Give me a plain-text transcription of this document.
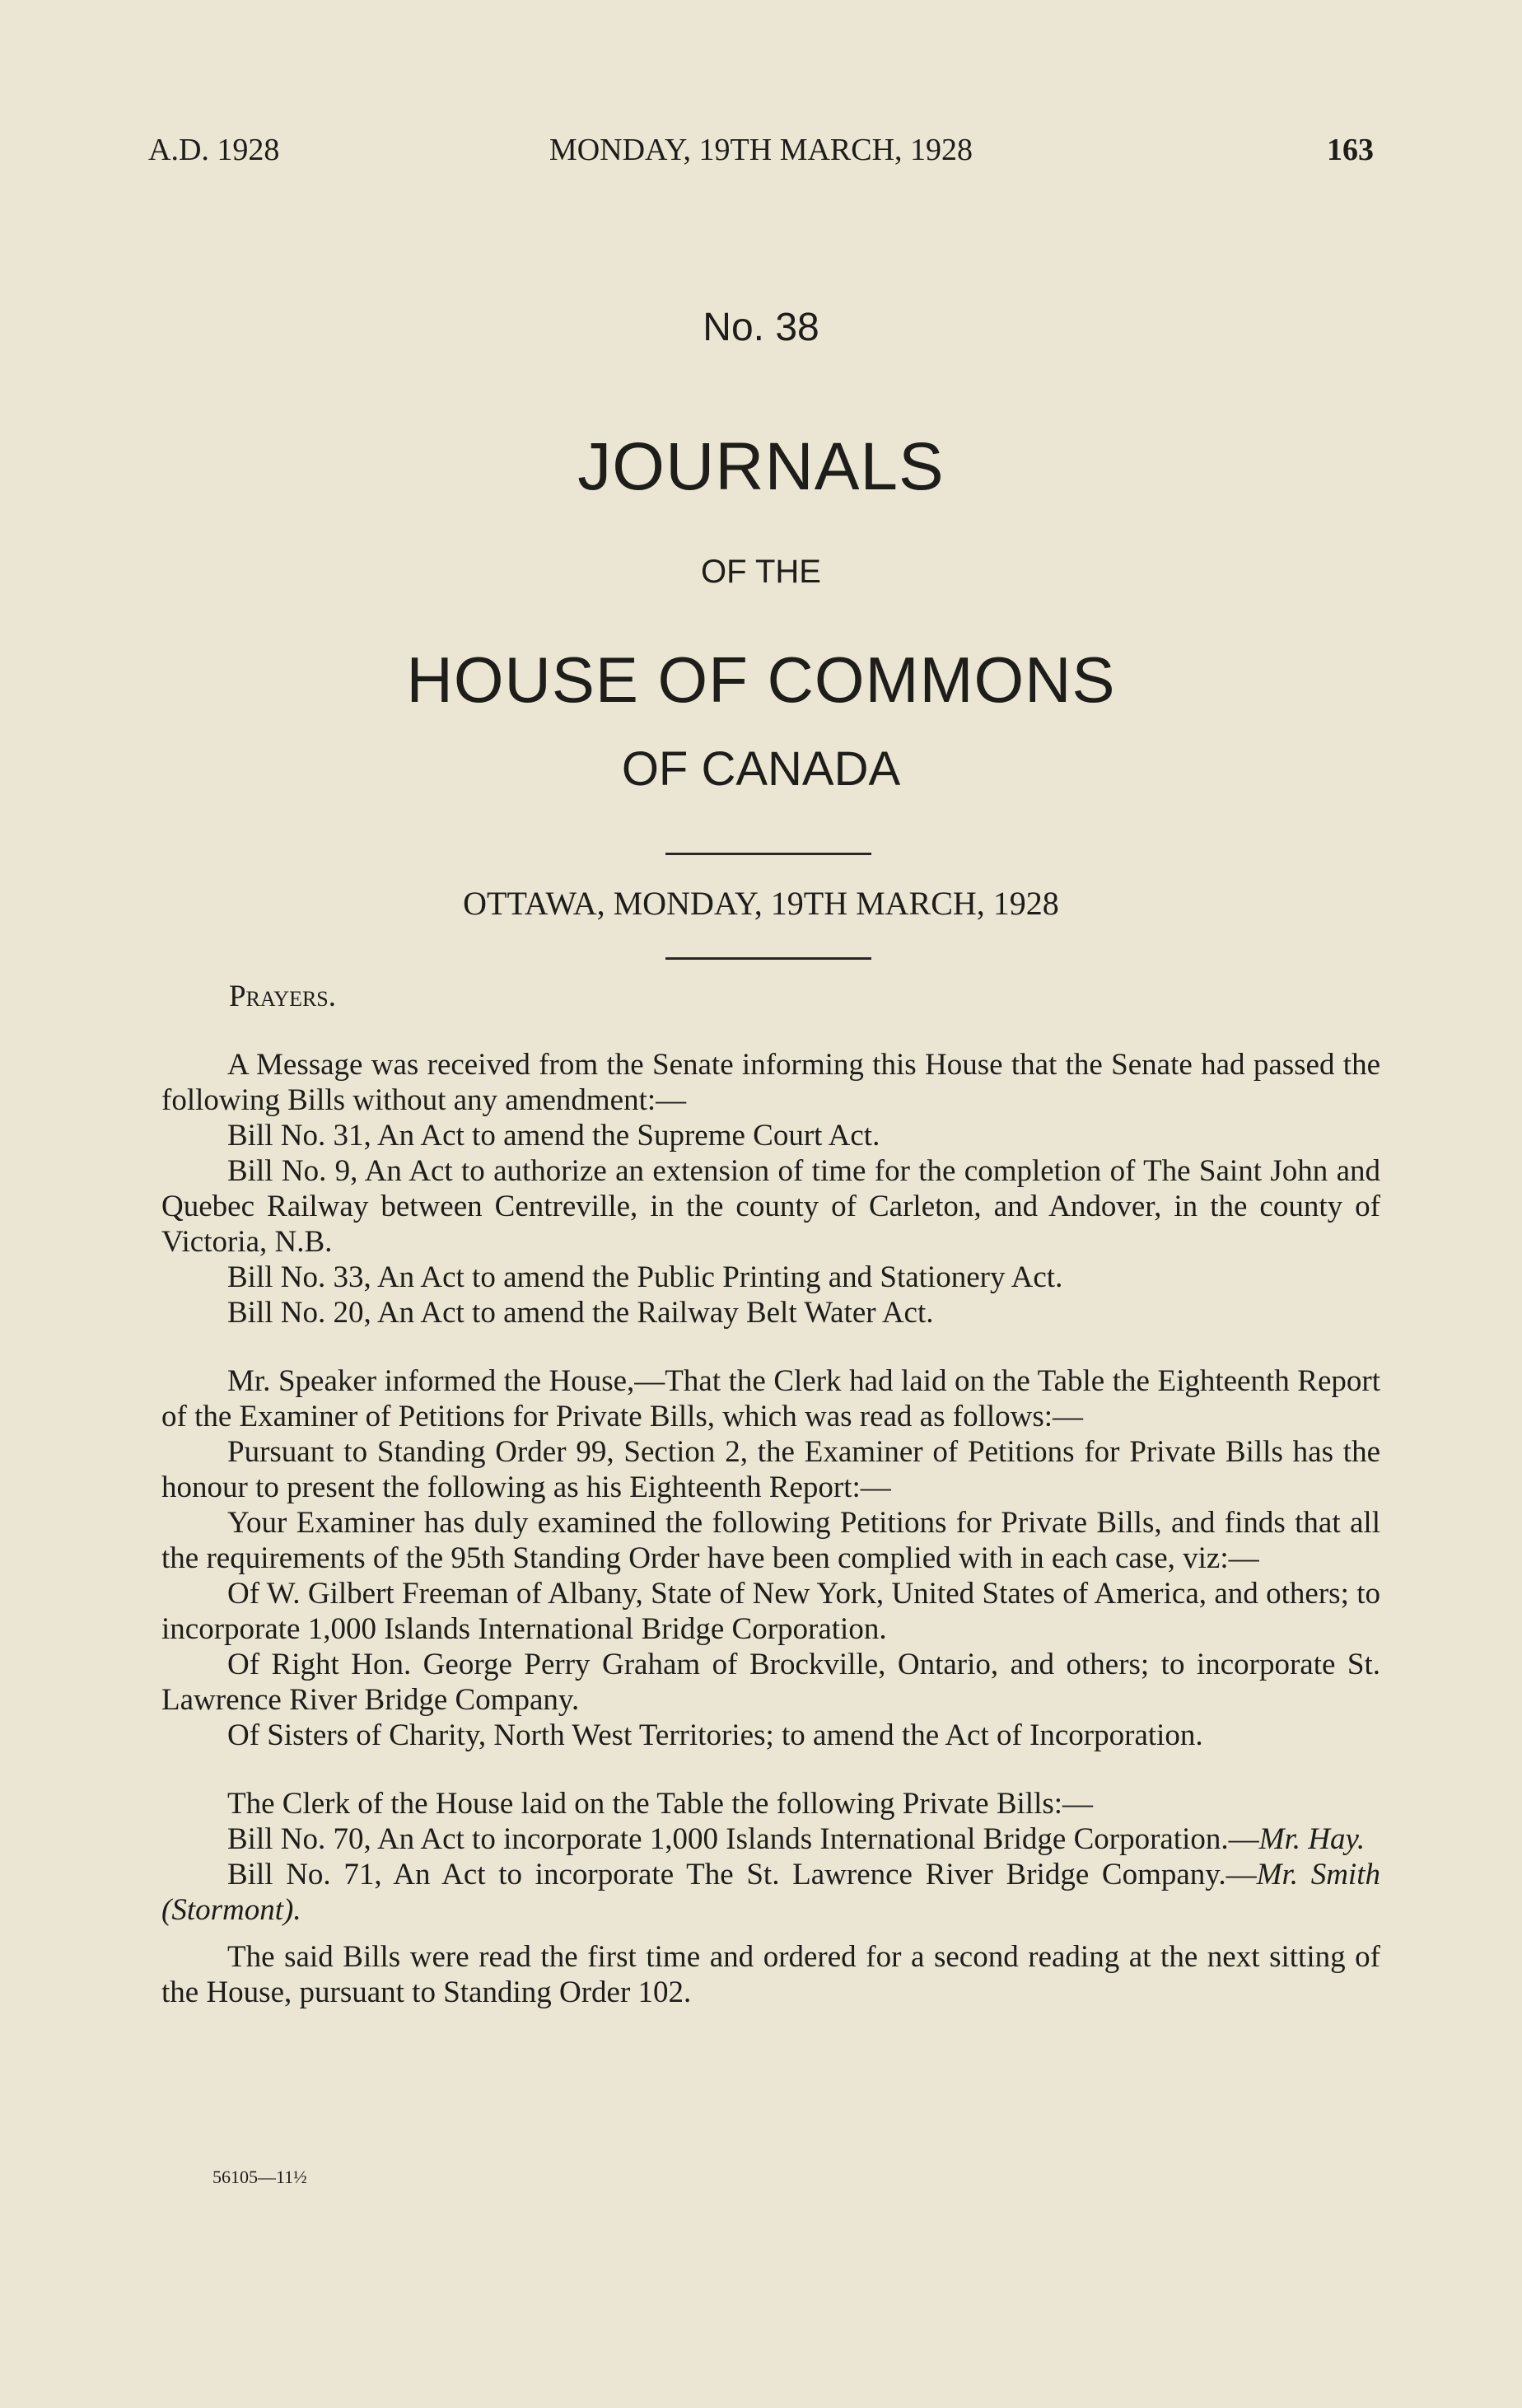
A.D. 1928	MONDAY, 19TH MARCH, 1928	163
No. 38
JOURNALS
OF THE
HOUSE OF COMMONS
OF CANADA
OTTAWA, MONDAY, 19TH MARCH, 1928

Prayers.

A Message was received from the Senate informing this House that the Senate had passed the following Bills without any amendment:—

Bill No. 31, An Act to amend the Supreme Court Act.

Bill No. 9, An Act to authorize an extension of time for the completion of The Saint John and Quebec Railway between Centreville, in the county of Carleton, and Andover, in the county of Victoria, N.B.

Bill No. 33, An Act to amend the Public Printing and Stationery Act.

Bill No. 20, An Act to amend the Railway Belt Water Act.

Mr. Speaker informed the House,—That the Clerk had laid on the Table the Eighteenth Report of the Examiner of Petitions for Private Bills, which was read as follows:—

Pursuant to Standing Order 99, Section 2, the Examiner of Petitions for Private Bills has the honour to present the following as his Eighteenth Report:—

Your Examiner has duly examined the following Petitions for Private Bills, and finds that all the requirements of the 95th Standing Order have been complied with in each case, viz:—

Of W. Gilbert Freeman of Albany, State of New York, United States of America, and others; to incorporate 1,000 Islands International Bridge Corporation.

Of Right Hon. George Perry Graham of Brockville, Ontario, and others; to incorporate St. Lawrence River Bridge Company.

Of Sisters of Charity, North West Territories; to amend the Act of Incorporation.

The Clerk of the House laid on the Table the following Private Bills:—

Bill No. 70, An Act to incorporate 1,000 Islands International Bridge Corporation.—Mr. Hay.

Bill No. 71, An Act to incorporate The St. Lawrence River Bridge Company.—Mr. Smith (Stormont).

The said Bills were read the first time and ordered for a second reading at the next sitting of the House, pursuant to Standing Order 102.

56105—11½
